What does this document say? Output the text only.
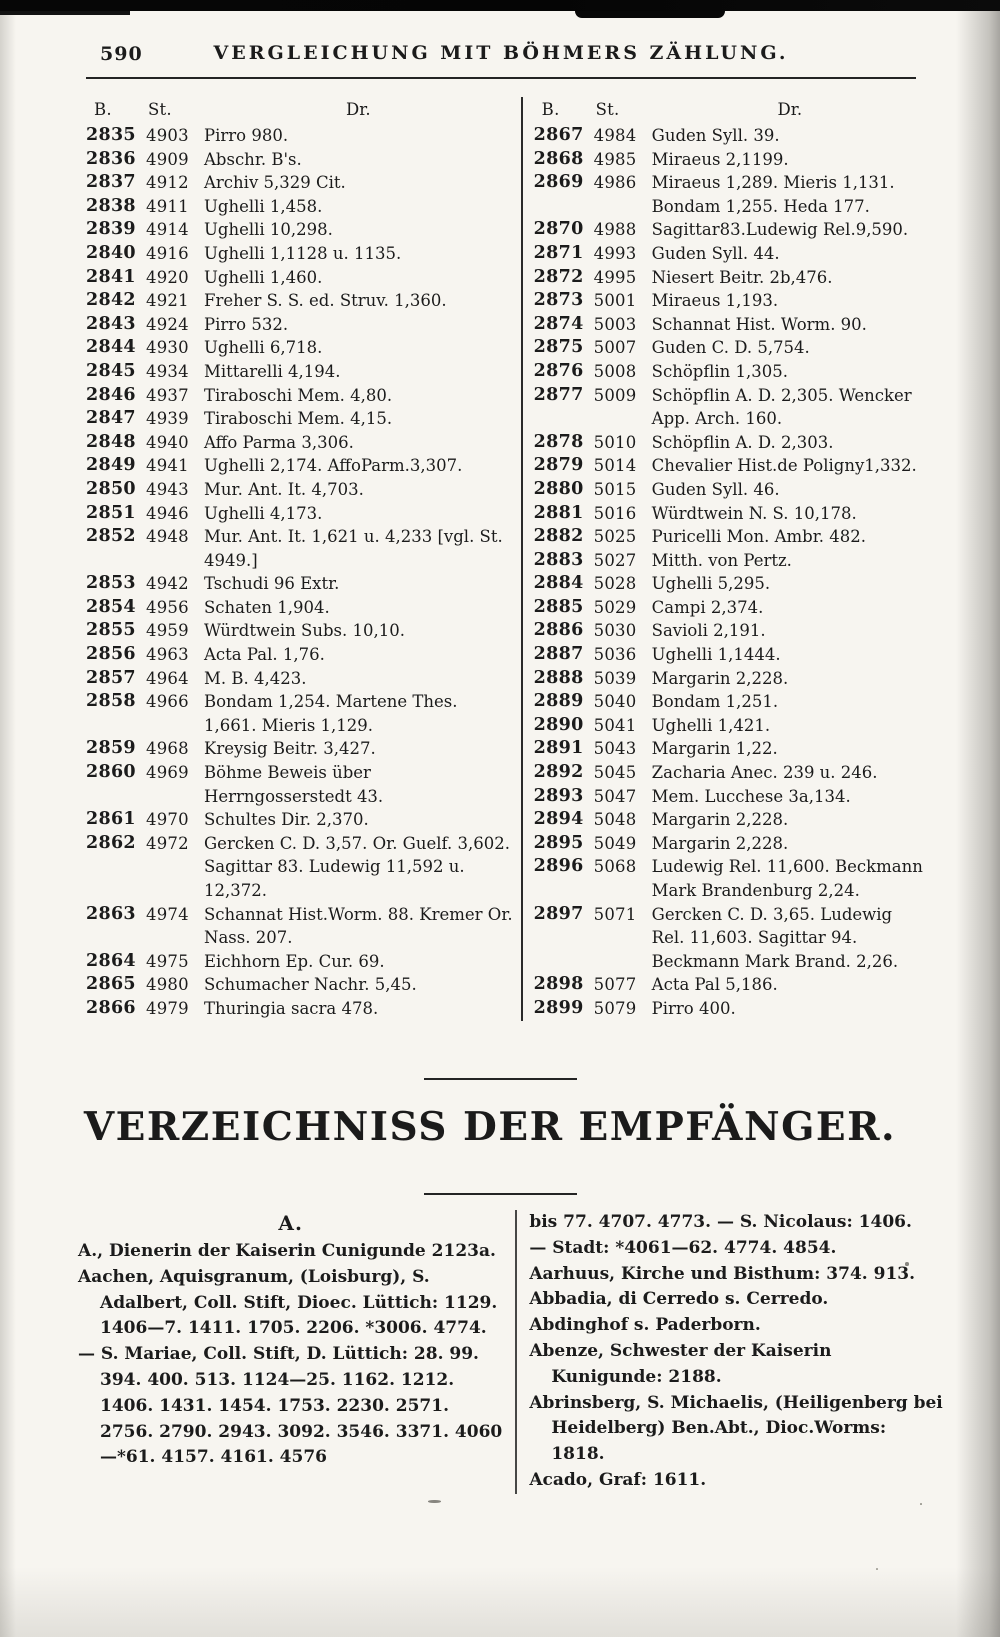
590	VERGLEICHUNG MIT BÖHMERS ZÄHLUNG.
B.	St.	Dr.
2835 4903 Pirro 980.
2836 4909 Abschr. B's.
2837 4912 Archiv 5,329 Cit.
2838 4911 Ughelli 1,458.
2839 4914 Ughelli 10,298.
2840 4916 Ughelli 1,1128 u. 1135.
2841 4920 Ughelli 1,460.
2842 4921 Freher S. S. ed. Struv. 1,360.
2843 4924 Pirro 532.
2844 4930 Ughelli 6,718.
2845 4934 Mittarelli 4,194.
2846 4937 Tiraboschi Mem. 4,80.
2847 4939 Tiraboschi Mem. 4,15.
2848 4940 Affo Parma 3,306.
2849 4941 Ughelli 2,174. AffoParm.3,307.
2850 4943 Mur. Ant. It. 4,703.
2851 4946 Ughelli 4,173.
2852 4948 Mur. Ant. It. 1,621 u. 4,233 [vgl. St. 4949.]
2853 4942 Tschudi 96 Extr.
2854 4956 Schaten 1,904.
2855 4959 Würdtwein Subs. 10,10.
2856 4963 Acta Pal. 1,76.
2857 4964 M. B. 4,423.
2858 4966 Bondam 1,254. Martene Thes. 1,661. Mieris 1,129.
2859 4968 Kreysig Beitr. 3,427.
2860 4969 Böhme Beweis über Herrngosserstedt 43.
2861 4970 Schultes Dir. 2,370.
2862 4972 Gercken C. D. 3,57. Or. Guelf. 3,602. Sagittar 83. Ludewig 11,592 u. 12,372.
2863 4974 Schannat Hist.Worm. 88. Kremer Or. Nass. 207.
2864 4975 Eichhorn Ep. Cur. 69.
2865 4980 Schumacher Nachr. 5,45.
2866 4979 Thuringia sacra 478.
B.	St.	Dr.
2867 4984 Guden Syll. 39.
2868 4985 Miraeus 2,1199.
2869 4986 Miraeus 1,289. Mieris 1,131. Bondam 1,255. Heda 177.
2870 4988 Sagittar83.Ludewig Rel.9,590.
2871 4993 Guden Syll. 44.
2872 4995 Niesert Beitr. 2b,476.
2873 5001 Miraeus 1,193.
2874 5003 Schannat Hist. Worm. 90.
2875 5007 Guden C. D. 5,754.
2876 5008 Schöpflin 1,305.
2877 5009 Schöpflin A. D. 2,305. Wencker App. Arch. 160.
2878 5010 Schöpflin A. D. 2,303.
2879 5014 Chevalier Hist.de Poligny1,332.
2880 5015 Guden Syll. 46.
2881 5016 Würdtwein N. S. 10,178.
2882 5025 Puricelli Mon. Ambr. 482.
2883 5027 Mitth. von Pertz.
2884 5028 Ughelli 5,295.
2885 5029 Campi 2,374.
2886 5030 Savioli 2,191.
2887 5036 Ughelli 1,1444.
2888 5039 Margarin 2,228.
2889 5040 Bondam 1,251.
2890 5041 Ughelli 1,421.
2891 5043 Margarin 1,22.
2892 5045 Zacharia Anec. 239 u. 246.
2893 5047 Mem. Lucchese 3a,134.
2894 5048 Margarin 2,228.
2895 5049 Margarin 2,228.
2896 5068 Ludewig Rel. 11,600. Beckmann Mark Brandenburg 2,24.
2897 5071 Gercken C. D. 3,65. Ludewig Rel. 11,603. Sagittar 94. Beckmann Mark Brand. 2,26.
2898 5077 Acta Pal 5,186.
2899 5079 Pirro 400.
VERZEICHNISS DER EMPFÄNGER.
A.

A., Dienerin der Kaiserin Cunigunde 2123a.

Aachen, Aquisgranum, (Loisburg), S. Adalbert, Coll. Stift, Dioec. Lüttich: 1129. 1406—7. 1411. 1705. 2206. *3006. 4774.

— S. Mariae, Coll. Stift, D. Lüttich: 28. 99. 394. 400. 513. 1124—25. 1162. 1212. 1406. 1431. 1454. 1753. 2230. 2571. 2756. 2790. 2943. 3092. 3546. 3371. 4060—*61. 4157. 4161. 4576

bis 77. 4707. 4773. — S. Nicolaus: 1406.

— Stadt: *4061—62. 4774. 4854.

Aarhuus, Kirche und Bisthum: 374. 913.

Abbadia, di Cerredo s. Cerredo.

Abdinghof s. Paderborn.

Abenze, Schwester der Kaiserin Kunigunde: 2188.

Abrinsberg, S. Michaelis, (Heiligenberg bei Heidelberg) Ben.Abt., Dioc.Worms: 1818.

Acado, Graf: 1611.
